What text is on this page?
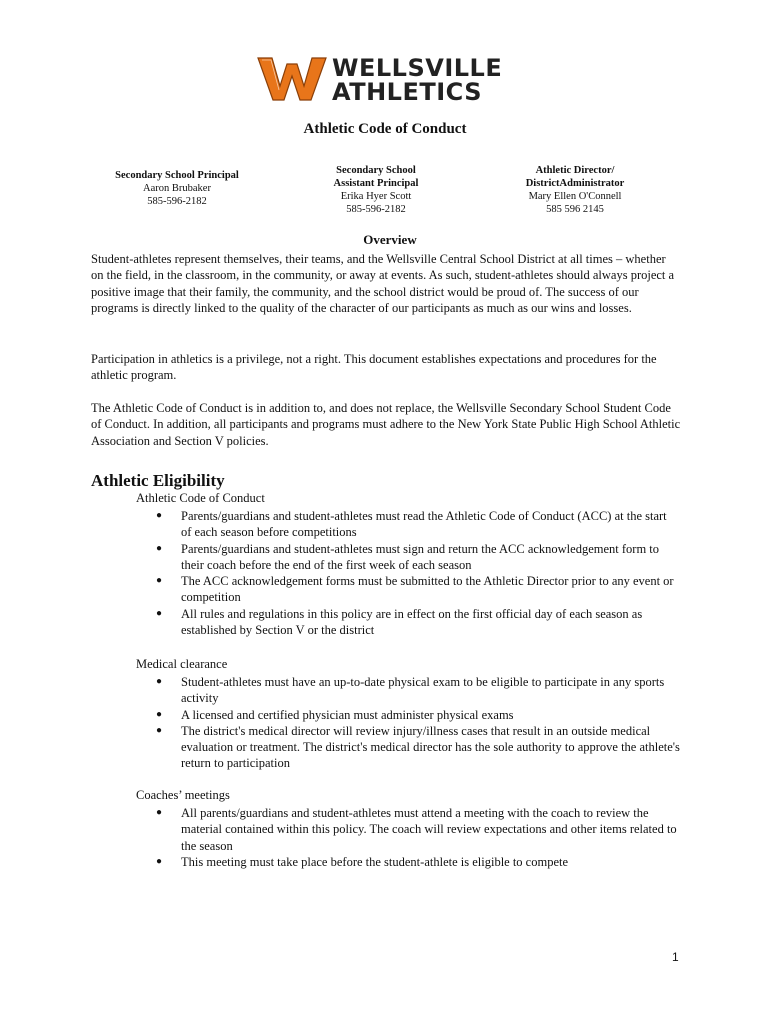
WELLSVILLE
ATHLETICS
Athletic Code of Conduct
Secondary School Principal
Aaron Brubaker
585-596-2182
Secondary School
Assistant Principal
Erika Hyer Scott
585-596-2182
Athletic Director/
DistrictAdministrator
Mary Ellen O'Connell
585 596 2145
Overview

Student-athletes represent themselves, their teams, and the Wellsville Central School District at all times – whether on the field, in the classroom, in the community, or away at events. As such, student-athletes should always project a positive image that their family, the community, and the school district would be proud of. The success of our programs is directly linked to the quality of the character of our participants as much as our wins and losses.

Participation in athletics is a privilege, not a right. This document establishes expectations and procedures for the athletic program.

The Athletic Code of Conduct is in addition to, and does not replace, the Wellsville Secondary School Student Code of Conduct. In addition, all participants and programs must adhere to the New York State Public High School Athletic Association and Section V policies.

Athletic Eligibility
Athletic Code of Conduct
● Parents/guardians and student-athletes must read the Athletic Code of Conduct (ACC) at the start of each season before competitions
● Parents/guardians and student-athletes must sign and return the ACC acknowledgement form to their coach before the end of the first week of each season
● The ACC acknowledgement forms must be submitted to the Athletic Director prior to any event or competition
● All rules and regulations in this policy are in effect on the first official day of each season as established by Section V or the district
Medical clearance
● Student-athletes must have an up-to-date physical exam to be eligible to participate in any sports activity
● A licensed and certified physician must administer physical exams
● The district's medical director will review injury/illness cases that result in an outside medical evaluation or treatment. The district's medical director has the sole authority to approve the athlete's return to participation
Coaches’ meetings
● All parents/guardians and student-athletes must attend a meeting with the coach to review the material contained within this policy. The coach will review expectations and other items related to the season
● This meeting must take place before the student-athlete is eligible to compete
1
